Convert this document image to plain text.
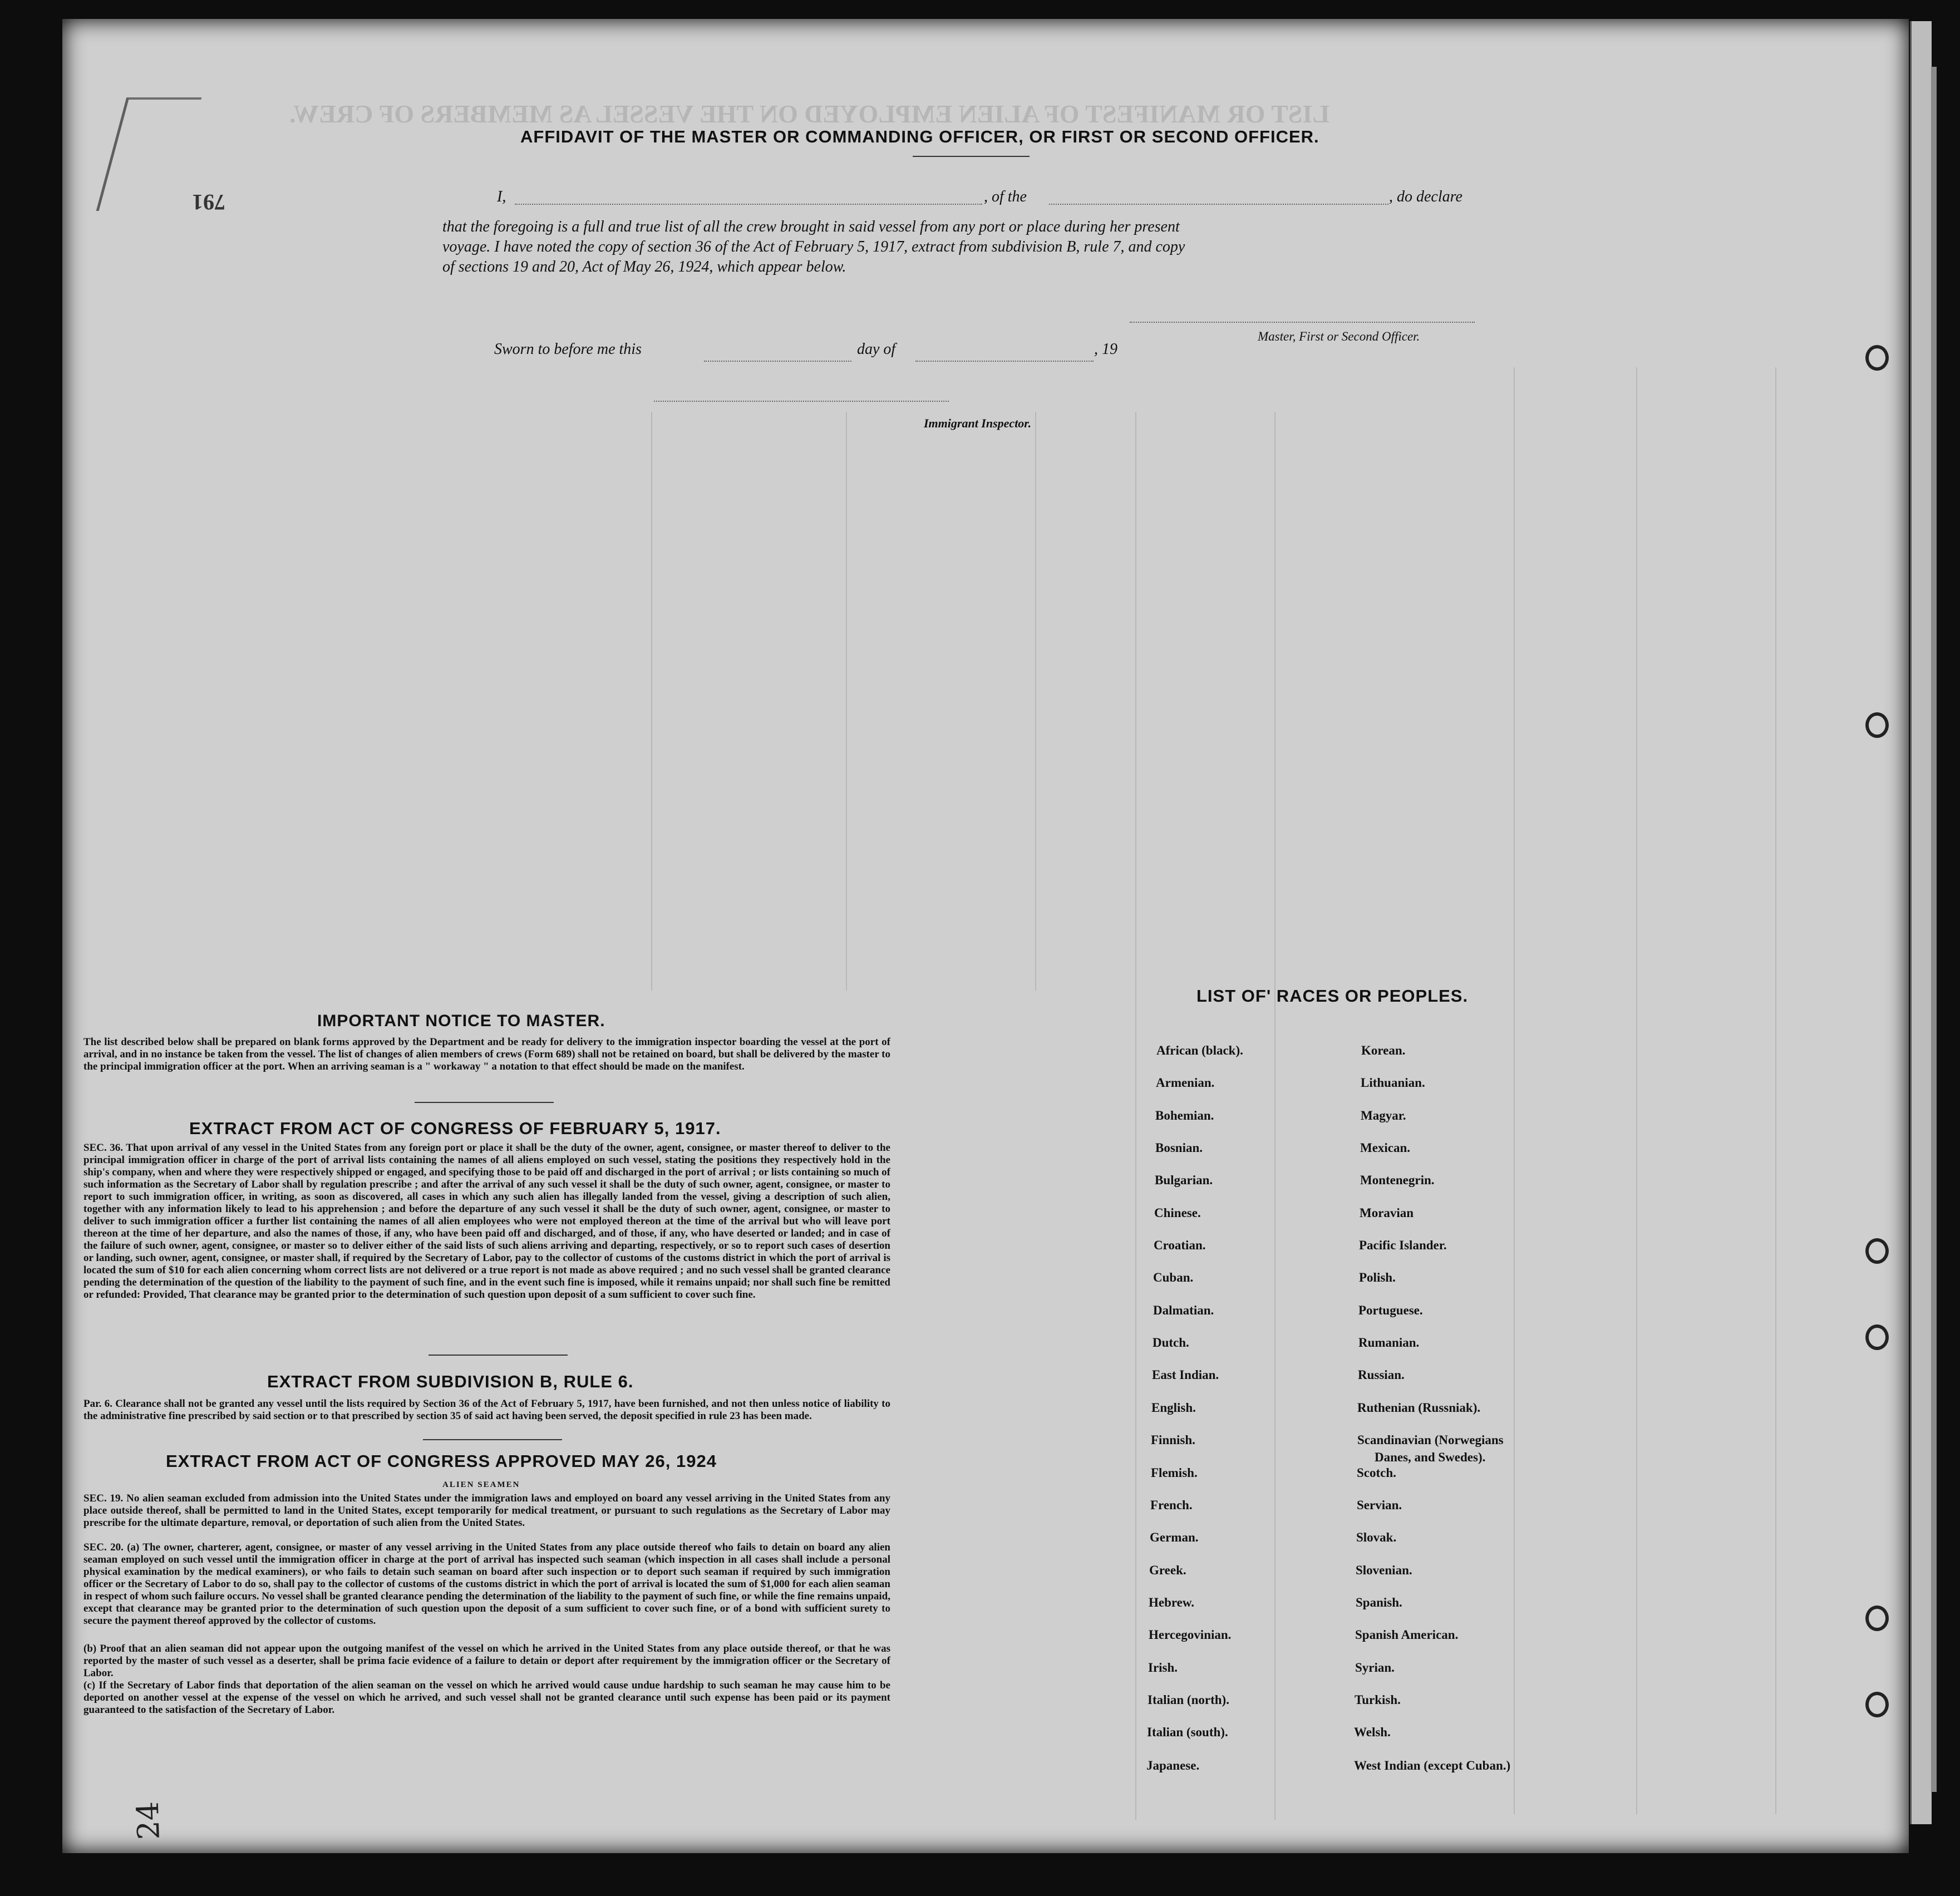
LIST OR MANIFEST OF ALIEN EMPLOYED ON THE VESSEL AS MEMBERS OF CREW.
AFFIDAVIT OF THE MASTER OR COMMANDING OFFICER, OR FIRST OR SECOND OFFICER.
I,	, of the	, do declare
that the foregoing is a full and true list of all the crew brought in said vessel from any port or place during her present
voyage. I have noted the copy of section 36 of the Act of February 5, 1917, extract from subdivision B, rule 7, and copy
of sections 19 and 20, Act of May 26, 1924, which appear below.
Master, First or Second Officer.
Sworn to before me this	day of	, 19
Immigrant Inspector.
791
IMPORTANT NOTICE TO MASTER.
The list described below shall be prepared on blank forms approved by the Department and be ready for delivery to the immigration inspector boarding the vessel at the port of arrival, and in no instance be taken from the vessel. The list of changes of alien members of crews (Form 689) shall not be retained on board, but shall be delivered by the master to the principal immigration officer at the port. When an arriving seaman is a " workaway " a notation to that effect should be made on the manifest.
EXTRACT FROM ACT OF CONGRESS OF FEBRUARY 5, 1917.
SEC. 36. That upon arrival of any vessel in the United States from any foreign port or place it shall be the duty of the owner, agent, consignee, or master thereof to deliver to the principal immigration officer in charge of the port of arrival lists containing the names of all aliens employed on such vessel, stating the positions they respectively hold in the ship's company, when and where they were respectively shipped or engaged, and specifying those to be paid off and discharged in the port of arrival ; or lists containing so much of such information as the Secretary of Labor shall by regulation prescribe ; and after the arrival of any such vessel it shall be the duty of such owner, agent, consignee, or master to report to such immigration officer, in writing, as soon as discovered, all cases in which any such alien has illegally landed from the vessel, giving a description of such alien, together with any information likely to lead to his apprehension ; and before the departure of any such vessel it shall be the duty of such owner, agent, consignee, or master to deliver to such immigration officer a further list containing the names of all alien employees who were not employed thereon at the time of the arrival but who will leave port thereon at the time of her departure, and also the names of those, if any, who have been paid off and discharged, and of those, if any, who have deserted or landed; and in case of the failure of such owner, agent, consignee, or master so to deliver either of the said lists of such aliens arriving and departing, respectively, or so to report such cases of desertion or landing, such owner, agent, consignee, or master shall, if required by the Secretary of Labor, pay to the collector of customs of the customs district in which the port of arrival is located the sum of $10 for each alien concerning whom correct lists are not delivered or a true report is not made as above required ; and no such vessel shall be granted clearance pending the determination of the question of the liability to the payment of such fine, and in the event such fine is imposed, while it remains unpaid; nor shall such fine be remitted or refunded: Provided, That clearance may be granted prior to the determination of such question upon deposit of a sum sufficient to cover such fine.
EXTRACT FROM SUBDIVISION B, RULE 6.
Par. 6. Clearance shall not be granted any vessel until the lists required by Section 36 of the Act of February 5, 1917, have been furnished, and not then unless notice of liability to the administrative fine prescribed by said section or to that prescribed by section 35 of said act having been served, the deposit specified in rule 23 has been made.
EXTRACT FROM ACT OF CONGRESS APPROVED MAY 26, 1924
ALIEN SEAMEN
SEC. 19. No alien seaman excluded from admission into the United States under the immigration laws and employed on board any vessel arriving in the United States from any place outside thereof, shall be permitted to land in the United States, except temporarily for medical treatment, or pursuant to such regulations as the Secretary of Labor may prescribe for the ultimate departure, removal, or deportation of such alien from the United States.
SEC. 20. (a) The owner, charterer, agent, consignee, or master of any vessel arriving in the United States from any place outside thereof who fails to detain on board any alien seaman employed on such vessel until the immigration officer in charge at the port of arrival has inspected such seaman (which inspection in all cases shall include a personal physical examination by the medical examiners), or who fails to detain such seaman on board after such inspection or to deport such seaman if required by such immigration officer or the Secretary of Labor to do so, shall pay to the collector of customs of the customs district in which the port of arrival is located the sum of $1,000 for each alien seaman in respect of whom such failure occurs. No vessel shall be granted clearance pending the determination of the liability to the payment of such fine, or while the fine remains unpaid, except that clearance may be granted prior to the determination of such question upon the deposit of a sum sufficient to cover such fine, or of a bond with sufficient surety to secure the payment thereof approved by the collector of customs.
(b) Proof that an alien seaman did not appear upon the outgoing manifest of the vessel on which he arrived in the United States from any place outside thereof, or that he was reported by the master of such vessel as a deserter, shall be prima facie evidence of a failure to detain or deport after requirement by the immigration officer or the Secretary of Labor.
(c) If the Secretary of Labor finds that deportation of the alien seaman on the vessel on which he arrived would cause undue hardship to such seaman he may cause him to be deported on another vessel at the expense of the vessel on which he arrived, and such vessel shall not be granted clearance until such expense has been paid or its payment guaranteed to the satisfaction of the Secretary of Labor.
LIST OF' RACES OR PEOPLES.
African (black).
Armenian.
Bohemian.
Bosnian.
Bulgarian.
Chinese.
Croatian.
Cuban.
Dalmatian.
Dutch.
East Indian.
English.
Finnish.
Flemish.
French.
German.
Greek.
Hebrew.
Hercegovinian.
Irish.
Italian (north).
Italian (south).
Japanese.
Korean.
Lithuanian.
Magyar.
Mexican.
Montenegrin.
Moravian
Pacific Islander.
Polish.
Portuguese.
Rumanian.
Russian.
Ruthenian (Russniak).
Scandinavian (Norwegians
Scotch.
Servian.
Slovak.
Slovenian.
Spanish.
Spanish American.
Syrian.
Turkish.
Welsh.
West Indian (except Cuban.)
Danes, and Swedes).
24
